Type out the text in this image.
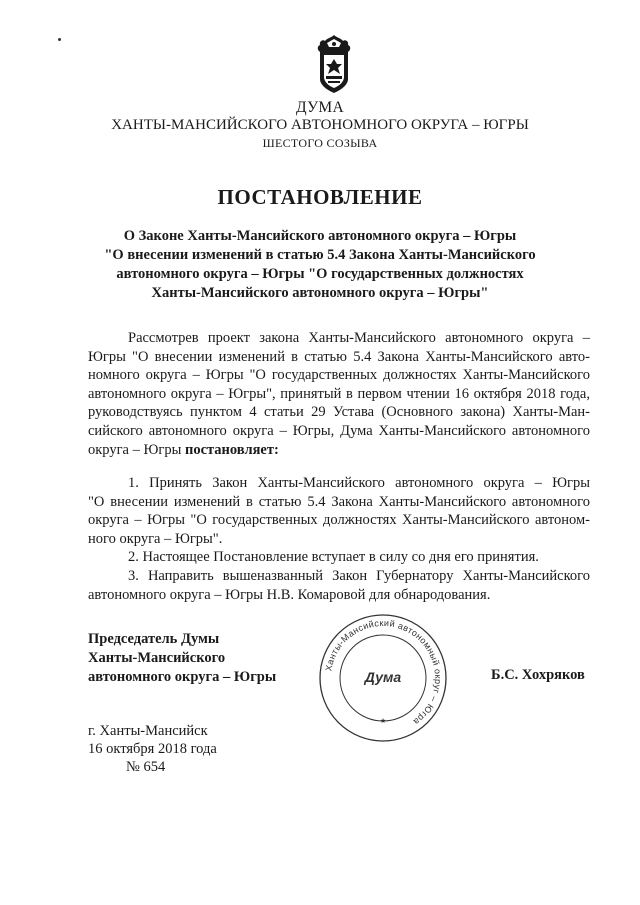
ДУМА
ХАНТЫ-МАНСИЙСКОГО АВТОНОМНОГО ОКРУГА – ЮГРЫ
ШЕСТОГО СОЗЫВА
ПОСТАНОВЛЕНИЕ
О Законе Ханты-Мансийского автономного округа – Югры
"О внесении изменений в статью 5.4 Закона Ханты-Мансийского
автономного округа – Югры "О государственных должностях
Ханты-Мансийского автономного округа – Югры"
Рассмотрев проект закона Ханты-Мансийского автономного округа –
Югры "О внесении изменений в статью 5.4 Закона Ханты-Мансийского авто-
номного округа – Югры "О государственных должностях Ханты-Мансийского
автономного округа – Югры", принятый в первом чтении 16 октября 2018 года,
руководствуясь пунктом 4 статьи 29 Устава (Основного закона) Ханты-Ман-
сийского автономного округа – Югры, Дума Ханты-Мансийского автономного
округа – Югры постановляет:
1. Принять Закон Ханты-Мансийского автономного округа – Югры
"О внесении изменений в статью 5.4 Закона Ханты-Мансийского автономного
округа – Югры "О государственных должностях Ханты-Мансийского автоном-
ного округа – Югры".
2. Настоящее Постановление вступает в силу со дня его принятия.
3. Направить вышеназванный Закон Губернатору Ханты-Мансийского
автономного округа – Югры Н.В. Комаровой для обнародования.
Председатель Думы
Ханты-Мансийского
автономного округа – Югры
Ханты-Мансийский автономный округ – Югра
Дума
★
Б.С. Хохряков
г. Ханты-Мансийск
16 октября 2018 года
№ 654
